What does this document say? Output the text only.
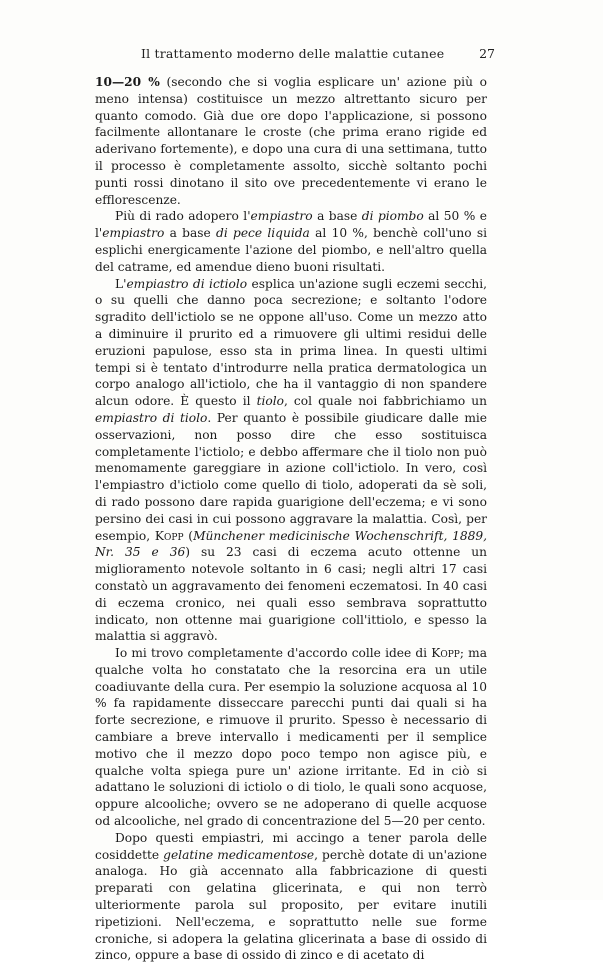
Il trattamento moderno delle malattie cutanee	27

10—20 % (secondo che si voglia esplicare un' azione più o meno intensa) costituisce un mezzo altrettanto sicuro per quanto comodo. Già due ore dopo l'applicazione, si possono facilmente allontanare le croste (che prima erano rigide ed aderivano fortemente), e dopo una cura di una settimana, tutto il processo è completamente assolto, sicchè soltanto pochi punti rossi dinotano il sito ove precedentemente vi erano le efflorescenze.

Più di rado adopero l'empiastro a base di piombo al 50 % e l'empiastro a base di pece liquida al 10 %, benchè coll'uno si esplichi energicamente l'azione del piombo, e nell'altro quella del catrame, ed amendue dieno buoni risultati.

L'empiastro di ictiolo esplica un'azione sugli eczemi secchi, o su quelli che danno poca secrezione; e soltanto l'odore sgradito dell'ictiolo se ne oppone all'uso. Come un mezzo atto a diminuire il prurito ed a rimuovere gli ultimi residui delle eruzioni papulose, esso sta in prima linea. In questi ultimi tempi si è tentato d'introdurre nella pratica dermatologica un corpo analogo all'ictiolo, che ha il vantaggio di non spandere alcun odore. È questo il tiolo, col quale noi fabbrichiamo un empiastro di tiolo. Per quanto è possibile giudicare dalle mie osservazioni, non posso dire che esso sostituisca completamente l'ictiolo; e debbo affermare che il tiolo non può menomamente gareggiare in azione coll'ictiolo. In vero, così l'empiastro d'ictiolo come quello di tiolo, adoperati da sè soli, di rado possono dare rapida guarigione dell'eczema; e vi sono persino dei casi in cui possono aggravare la malattia. Così, per esempio, Kopp (Münchener medicinische Wochenschrift, 1889, Nr. 35 e 36) su 23 casi di eczema acuto ottenne un miglioramento notevole soltanto in 6 casi; negli altri 17 casi constatò un aggravamento dei fenomeni eczematosi. In 40 casi di eczema cronico, nei quali esso sembrava soprattutto indicato, non ottenne mai guarigione coll'ittiolo, e spesso la malattia si aggravò.

Io mi trovo completamente d'accordo colle idee di Kopp; ma qualche volta ho constatato che la resorcina era un utile coadiuvante della cura. Per esempio la soluzione acquosa al 10 % fa rapidamente disseccare parecchi punti dai quali si ha forte secrezione, e rimuove il prurito. Spesso è necessario di cambiare a breve intervallo i medicamenti per il semplice motivo che il mezzo dopo poco tempo non agisce più, e qualche volta spiega pure un' azione irritante. Ed in ciò si adattano le soluzioni di ictiolo o di tiolo, le quali sono acquose, oppure alcooliche; ovvero se ne adoperano di quelle acquose od alcooliche, nel grado di concentrazione del 5—20 per cento.

Dopo questi empiastri, mi accingo a tener parola delle cosiddette gelatine medicamentose, perchè dotate di un'azione analoga. Ho già accennato alla fabbricazione di questi preparati con gelatina glicerinata, e qui non terrò ulteriormente parola sul proposito, per evitare inutili ripetizioni. Nell'eczema, e soprattutto nelle sue forme croniche, si adopera la gelatina glicerinata a base di ossido di zinco, oppure a base di ossido di zinco e di acetato di
